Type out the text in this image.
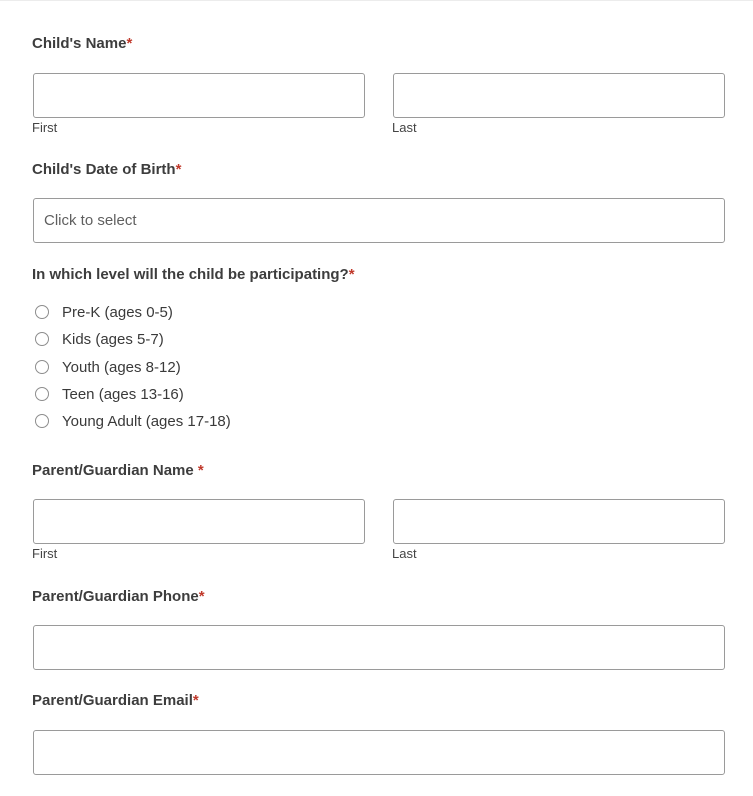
Child's Name*
First	Last
Child's Date of Birth*
Click to select
In which level will the child be participating?*
Pre-K (ages 0-5)
Kids (ages 5-7)
Youth (ages 8-12)
Teen (ages 13-16)
Young Adult (ages 17-18)
Parent/Guardian Name *
First	Last
Parent/Guardian Phone*
Parent/Guardian Email*
